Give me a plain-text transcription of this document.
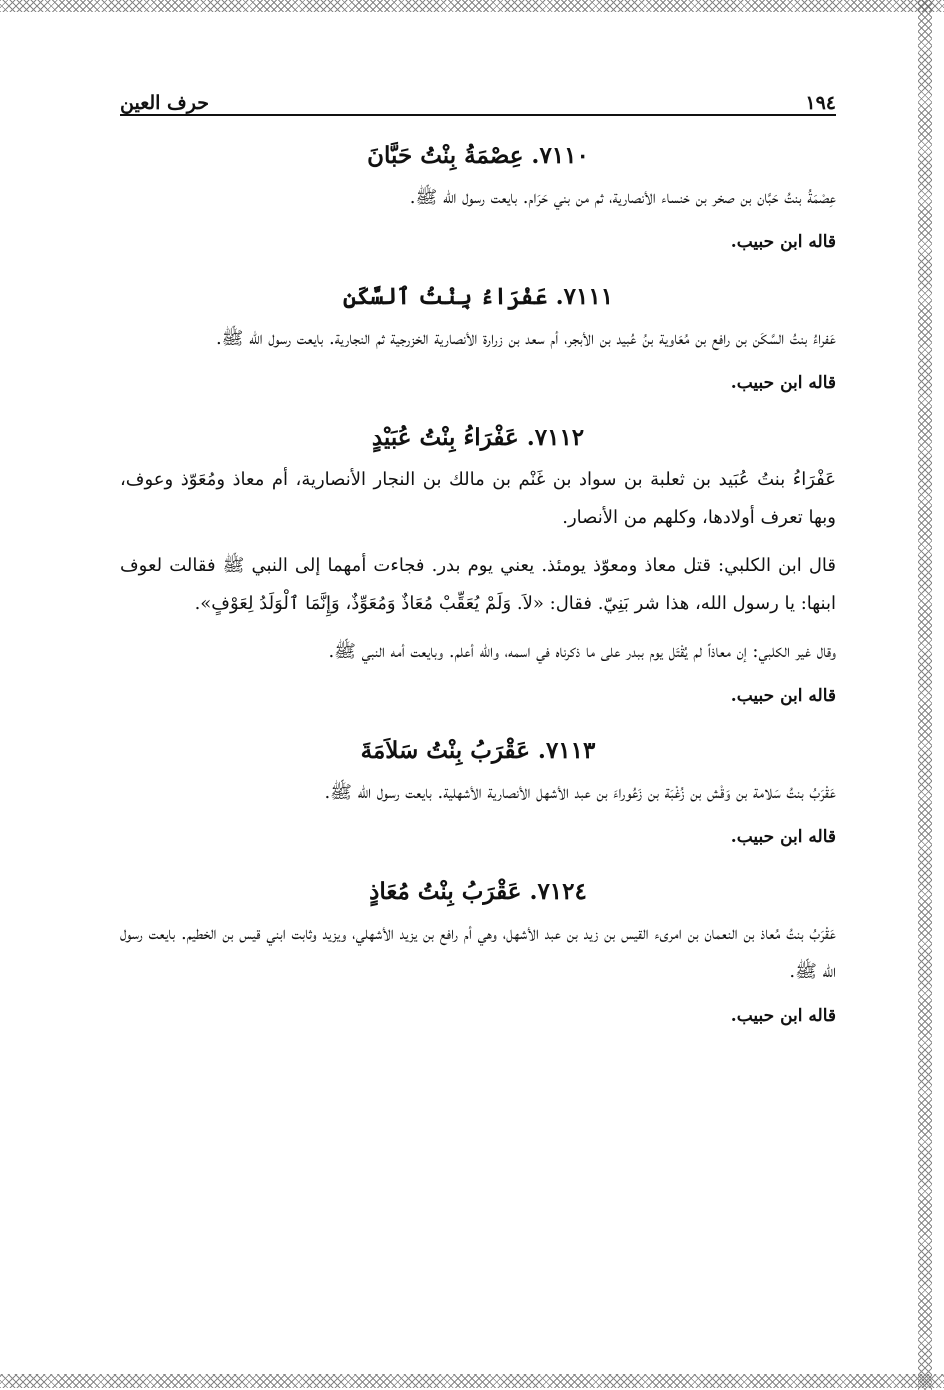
١٩٤
حرف العين
٧١١٠. عِصْمَةُ بِنْتُ حَبَّانَ

عِصْمَةُ بنتُ حَبَّان بن صخر بن خنساء الأنصارية، ثم من بني حَرَام. بايعت رسول الله ﷺ.

قاله ابن حبيب.

٧١١١. عَفْرَاءُ بِنْتُ ٱلسَّكَنِ

عَفراءُ بنتُ السَّكَن بن رافع بن مُعَاوية بنُ عُبيد بن الأبجر، أم سعد بن زرارة الأنصارية الخزرجية ثم النجارية. بايعت رسول الله ﷺ.

قاله ابن حبيب.

٧١١٢. عَفْرَاءُ بِنْتُ عُبَيْدٍ

عَفْرَاءُ بنتُ عُبَيد بن ثعلبة بن سواد بن غَنْم بن مالك بن النجار الأنصارية، أم معاذ ومُعَوّذ وعوف، وبها تعرف أولادها، وكلهم من الأنصار.

قال ابن الكلبي: قتل معاذ ومعوّذ يومئذ. يعني يوم بدر. فجاءت أمهما إلى النبي ﷺ فقالت لعوف ابنها: يا رسول الله، هذا شر بَنِيّ. فقال: «لاَ. وَلَمْ يُعَقِّبْ مُعَاذٌ وَمُعَوِّذٌ، وَإِنَّمَا ٱلْوَلَدُ لِعَوْفٍ».

وقال غير الكلبي: إن معاذاً لم يُقْتَل يوم ببدر على ما ذكرناه في اسمه، والله أعلم. وبايعت أمه النبي ﷺ.

قاله ابن حبيب.

٧١١٣. عَقْرَبُ بِنْتُ سَلاَمَةَ

عَقْرَبُ بنتُ سَلامة بن وَقْش بن زُغْبَة بن زَعُوراءَ بن عبد الأشهل الأنصارية الأشهلية. بايعت رسول الله ﷺ.

قاله ابن حبيب.

٧١٢٤. عَقْرَبُ بِنْتُ مُعَاذٍ

عَقْرَبُ بنتُ مُعاذ بن النعمان بن امرىء القيس بن زيد بن عبد الأشهل، وهي أم رافع بن يزيد الأشهلي، ويزيد وثابت ابني قيس بن الخطيم. بايعت رسول الله ﷺ.

قاله ابن حبيب.
